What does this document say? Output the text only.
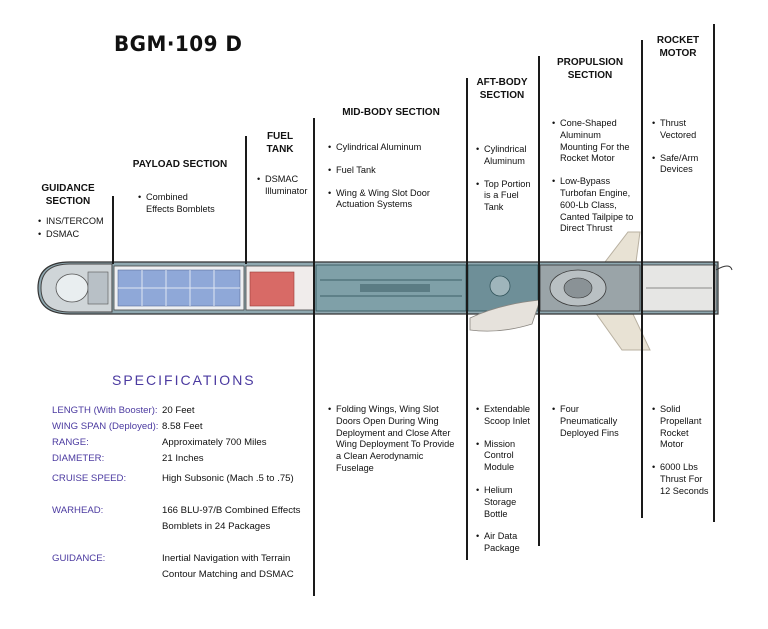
BGM·109 D
GUIDANCE SECTION
PAYLOAD SECTION
FUEL TANK
MID-BODY SECTION
AFT-BODY SECTION
PROPULSION SECTION
ROCKET MOTOR
• INS/TERCOM
• DSMAC
• Combined Effects Bomblets
• DSMAC Illuminator
• Cylindrical Aluminum
• Fuel Tank
• Wing & Wing Slot Door Actuation Systems
• Cylindrical Aluminum
• Top Portion is a Fuel Tank
• Cone-Shaped Aluminum Mounting For the Rocket Motor
• Low-Bypass Turbofan Engine, 600-Lb Class, Canted Tailpipe to Direct Thrust
• Thrust Vectored
• Safe/Arm Devices
• Folding Wings, Wing Slot Doors Open During Wing Deployment and Close After Wing Deployment To Provide a Clean Aerodynamic Fuselage
• Extendable Scoop Inlet
• Mission Control Module
• Helium Storage Bottle
• Air Data Package
• Four Pneumatically Deployed Fins
• Solid Propellant Rocket Motor
• 6000 Lbs Thrust For 12 Seconds
SPECIFICATIONS
LENGTH (With Booster): 20 Feet
WING SPAN (Deployed): 8.58 Feet
RANGE:	Approximately 700 Miles
DIAMETER:	21 Inches
CRUISE SPEED:	High Subsonic (Mach .5 to .75)
WARHEAD:	166 BLU-97/B Combined Effects
Bomblets in 24 Packages
GUIDANCE:	Inertial Navigation with Terrain
Contour Matching and DSMAC
